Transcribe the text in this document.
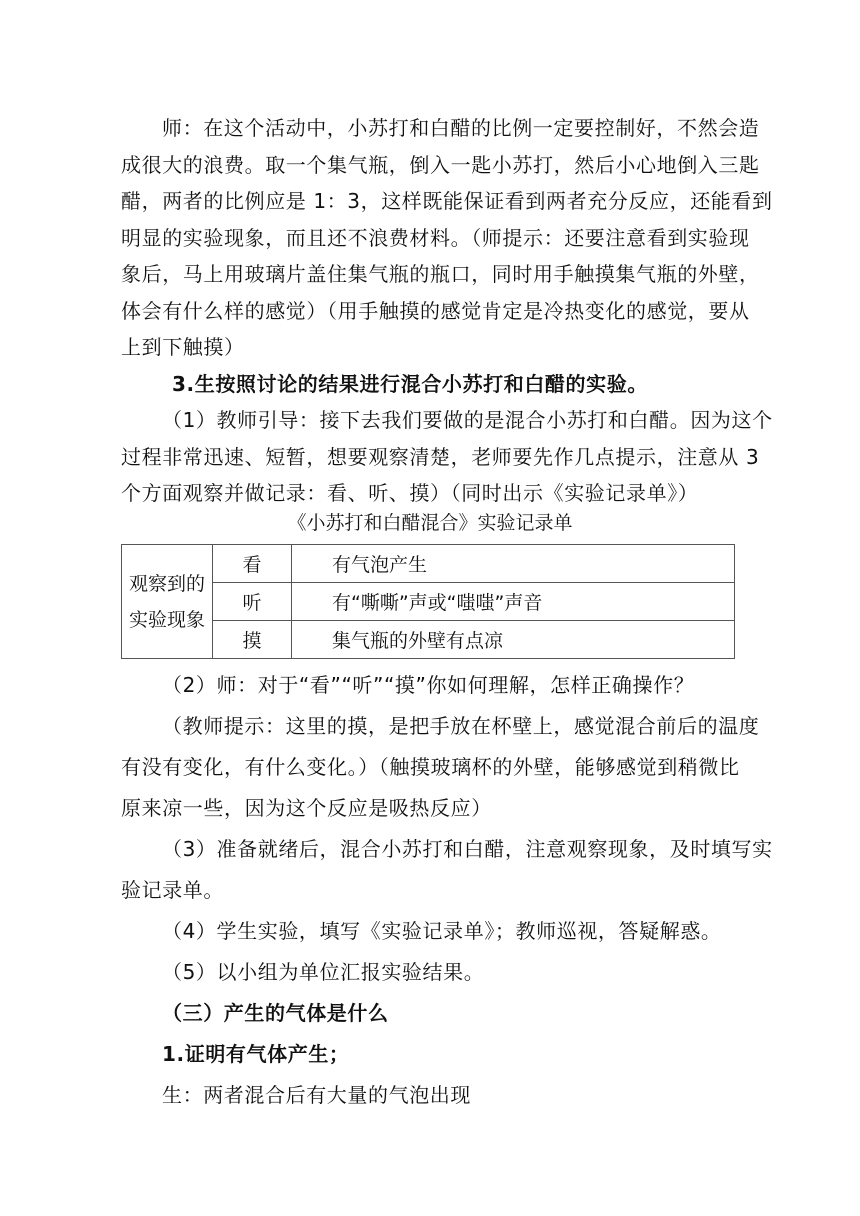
师：在这个活动中，小苏打和白醋的比例一定要控制好，不然会造
成很大的浪费。取一个集气瓶，倒入一匙小苏打，然后小心地倒入三匙
醋，两者的比例应是 1：3，这样既能保证看到两者充分反应，还能看到
明显的实验现象，而且还不浪费材料。（师提示：还要注意看到实验现
象后，马上用玻璃片盖住集气瓶的瓶口，同时用手触摸集气瓶的外壁，
体会有什么样的感觉）（用手触摸的感觉肯定是冷热变化的感觉，要从
上到下触摸）
3.生按照讨论的结果进行混合小苏打和白醋的实验。
（1）教师引导：接下去我们要做的是混合小苏打和白醋。因为这个
过程非常迅速、短暂，想要观察清楚，老师要先作几点提示，注意从 3
个方面观察并做记录：看、听、摸）（同时出示《实验记录单》）
《小苏打和白醋混合》实验记录单
观察到的实验现象	看	有气泡产生
	听	有“嘶嘶”声或“嗤嗤”声音
	摸	集气瓶的外壁有点凉
（2）师：对于“看”“听”“摸”你如何理解，怎样正确操作？
（教师提示：这里的摸，是把手放在杯壁上，感觉混合前后的温度
有没有变化，有什么变化。）（触摸玻璃杯的外壁，能够感觉到稍微比
原来凉一些，因为这个反应是吸热反应）
（3）准备就绪后，混合小苏打和白醋，注意观察现象，及时填写实
验记录单。
（4）学生实验，填写《实验记录单》；教师巡视，答疑解惑。
（5）以小组为单位汇报实验结果。
（三）产生的气体是什么
1.证明有气体产生；
生：两者混合后有大量的气泡出现
